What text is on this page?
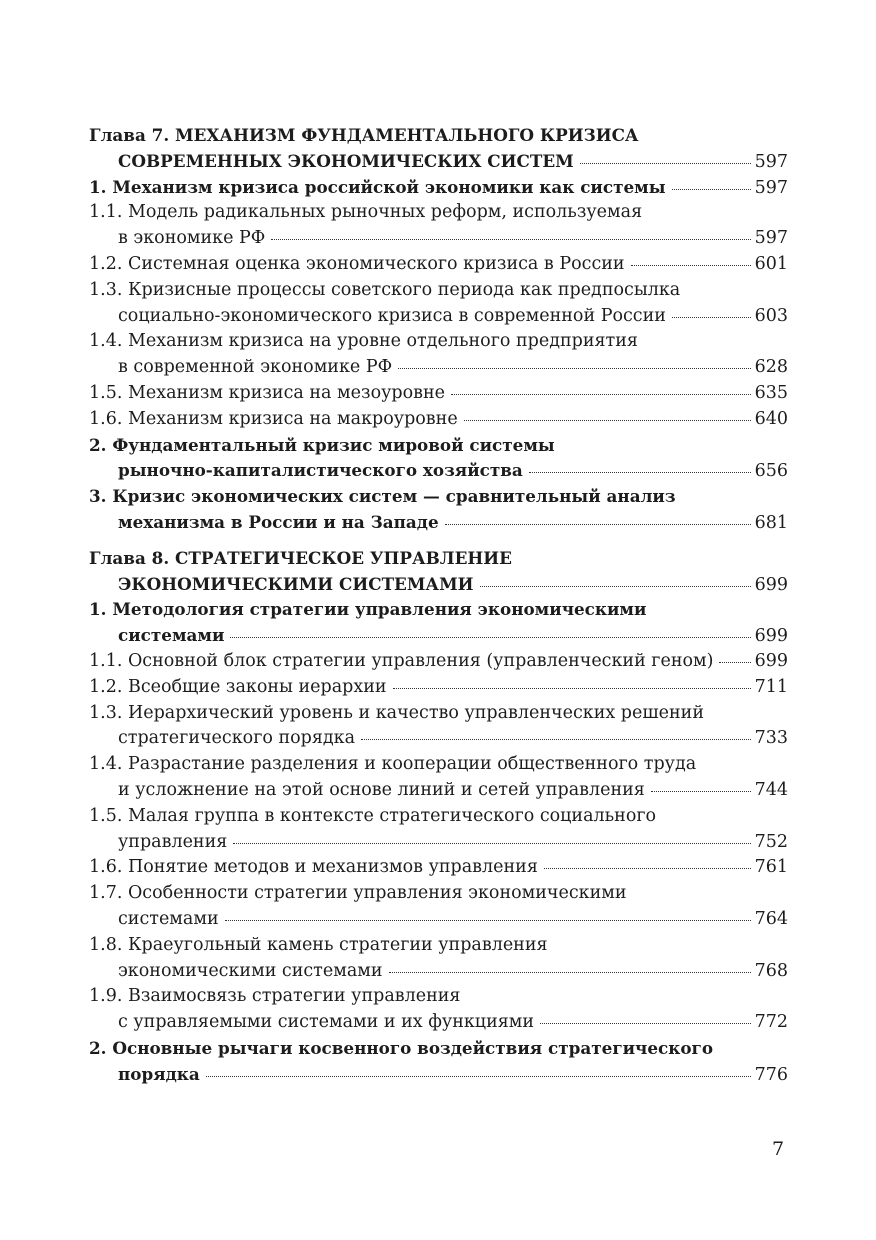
Глава 7. МЕХАНИЗМ ФУНДАМЕНТАЛЬНОГО КРИЗИСА
СОВРЕМЕННЫХ ЭКОНОМИЧЕСКИХ СИСТЕМ	597
1. Механизм кризиса российской экономики как системы	597
1.1. Модель радикальных рыночных реформ, используемая
в экономике РФ	597
1.2. Системная оценка экономического кризиса в России	601
1.3. Кризисные процессы советского периода как предпосылка
социально-экономического кризиса в современной России	603
1.4. Механизм кризиса на уровне отдельного предприятия
в современной экономике РФ	628
1.5. Механизм кризиса на мезоуровне	635
1.6. Механизм кризиса на макроуровне	640
2. Фундаментальный кризис мировой системы
рыночно-капиталистического хозяйства	656
3. Кризис экономических систем — сравнительный анализ
механизма в России и на Западе	681
Глава 8. СТРАТЕГИЧЕСКОЕ УПРАВЛЕНИЕ
ЭКОНОМИЧЕСКИМИ СИСТЕМАМИ	699
1. Методология стратегии управления экономическими
системами	699
1.1. Основной блок стратегии управления (управленческий геном) 699
1.2. Всеобщие законы иерархии	711
1.3. Иерархический уровень и качество управленческих решений
стратегического порядка	733
1.4. Разрастание разделения и кооперации общественного труда
и усложнение на этой основе линий и сетей управления	744
1.5. Малая группа в контексте стратегического социального
управления	752
1.6. Понятие методов и механизмов управления	761
1.7. Особенности стратегии управления экономическими
системами	764
1.8. Краеугольный камень стратегии управления
экономическими системами	768
1.9. Взаимосвязь стратегии управления
с управляемыми системами и их функциями	772
2. Основные рычаги косвенного воздействия стратегического
порядка	776
7
